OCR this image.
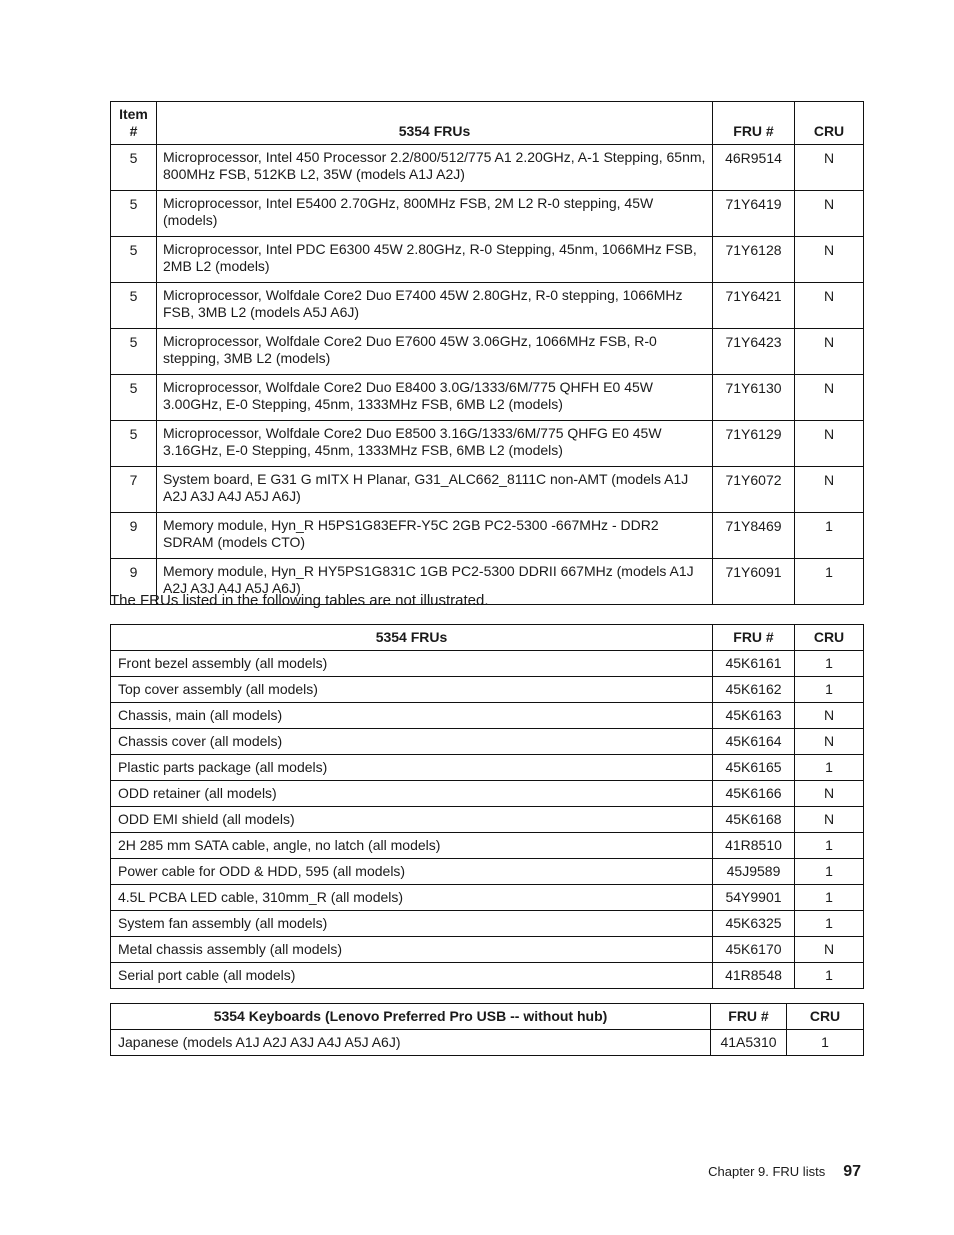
Item #	5354 FRUs	FRU #	CRU
5	Microprocessor, Intel 450 Processor 2.2/800/512/775 A1 2.20GHz, A-1 Stepping, 65nm, 800MHz FSB, 512KB L2, 35W (models A1J A2J)	46R9514	N
5	Microprocessor, Intel E5400 2.70GHz, 800MHz FSB, 2M L2 R-0 stepping, 45W (models)	71Y6419	N
5	Microprocessor, Intel PDC E6300 45W 2.80GHz, R-0 Stepping, 45nm, 1066MHz FSB, 2MB L2 (models)	71Y6128	N
5	Microprocessor, Wolfdale Core2 Duo E7400 45W 2.80GHz, R-0 stepping, 1066MHz FSB, 3MB L2 (models A5J A6J)	71Y6421	N
5	Microprocessor, Wolfdale Core2 Duo E7600 45W 3.06GHz, 1066MHz FSB, R-0 stepping, 3MB L2 (models)	71Y6423	N
5	Microprocessor, Wolfdale Core2 Duo E8400 3.0G/1333/6M/775 QHFH E0 45W 3.00GHz, E-0 Stepping, 45nm, 1333MHz FSB, 6MB L2 (models)	71Y6130	N
5	Microprocessor, Wolfdale Core2 Duo E8500 3.16G/1333/6M/775 QHFG E0 45W 3.16GHz, E-0 Stepping, 45nm, 1333MHz FSB, 6MB L2 (models)	71Y6129	N
7	System board, E G31 G mITX H Planar, G31_ALC662_8111C non-AMT (models A1J A2J A3J A4J A5J A6J)	71Y6072	N
9	Memory module, Hyn_R H5PS1G83EFR-Y5C 2GB PC2-5300 -667MHz - DDR2 SDRAM (models CTO)	71Y8469	1
9	Memory module, Hyn_R HY5PS1G831C 1GB PC2-5300 DDRII 667MHz (models A1J A2J A3J A4J A5J A6J)	71Y6091	1
The FRUs listed in the following tables are not illustrated.
5354 FRUs	FRU #	CRU
Front bezel assembly (all models)	45K6161	1
Top cover assembly (all models)	45K6162	1
Chassis, main (all models)	45K6163	N
Chassis cover (all models)	45K6164	N
Plastic parts package (all models)	45K6165	1
ODD retainer (all models)	45K6166	N
ODD EMI shield (all models)	45K6168	N
2H 285 mm SATA cable, angle, no latch (all models)	41R8510	1
Power cable for ODD & HDD, 595 (all models)	45J9589	1
4.5L PCBA LED cable, 310mm_R (all models)	54Y9901	1
System fan assembly (all models)	45K6325	1
Metal chassis assembly (all models)	45K6170	N
Serial port cable (all models)	41R8548	1
5354 Keyboards (Lenovo Preferred Pro USB -- without hub)	FRU #	CRU
Japanese (models A1J A2J A3J A4J A5J A6J)	41A5310	1
Chapter 9. FRU lists 97
